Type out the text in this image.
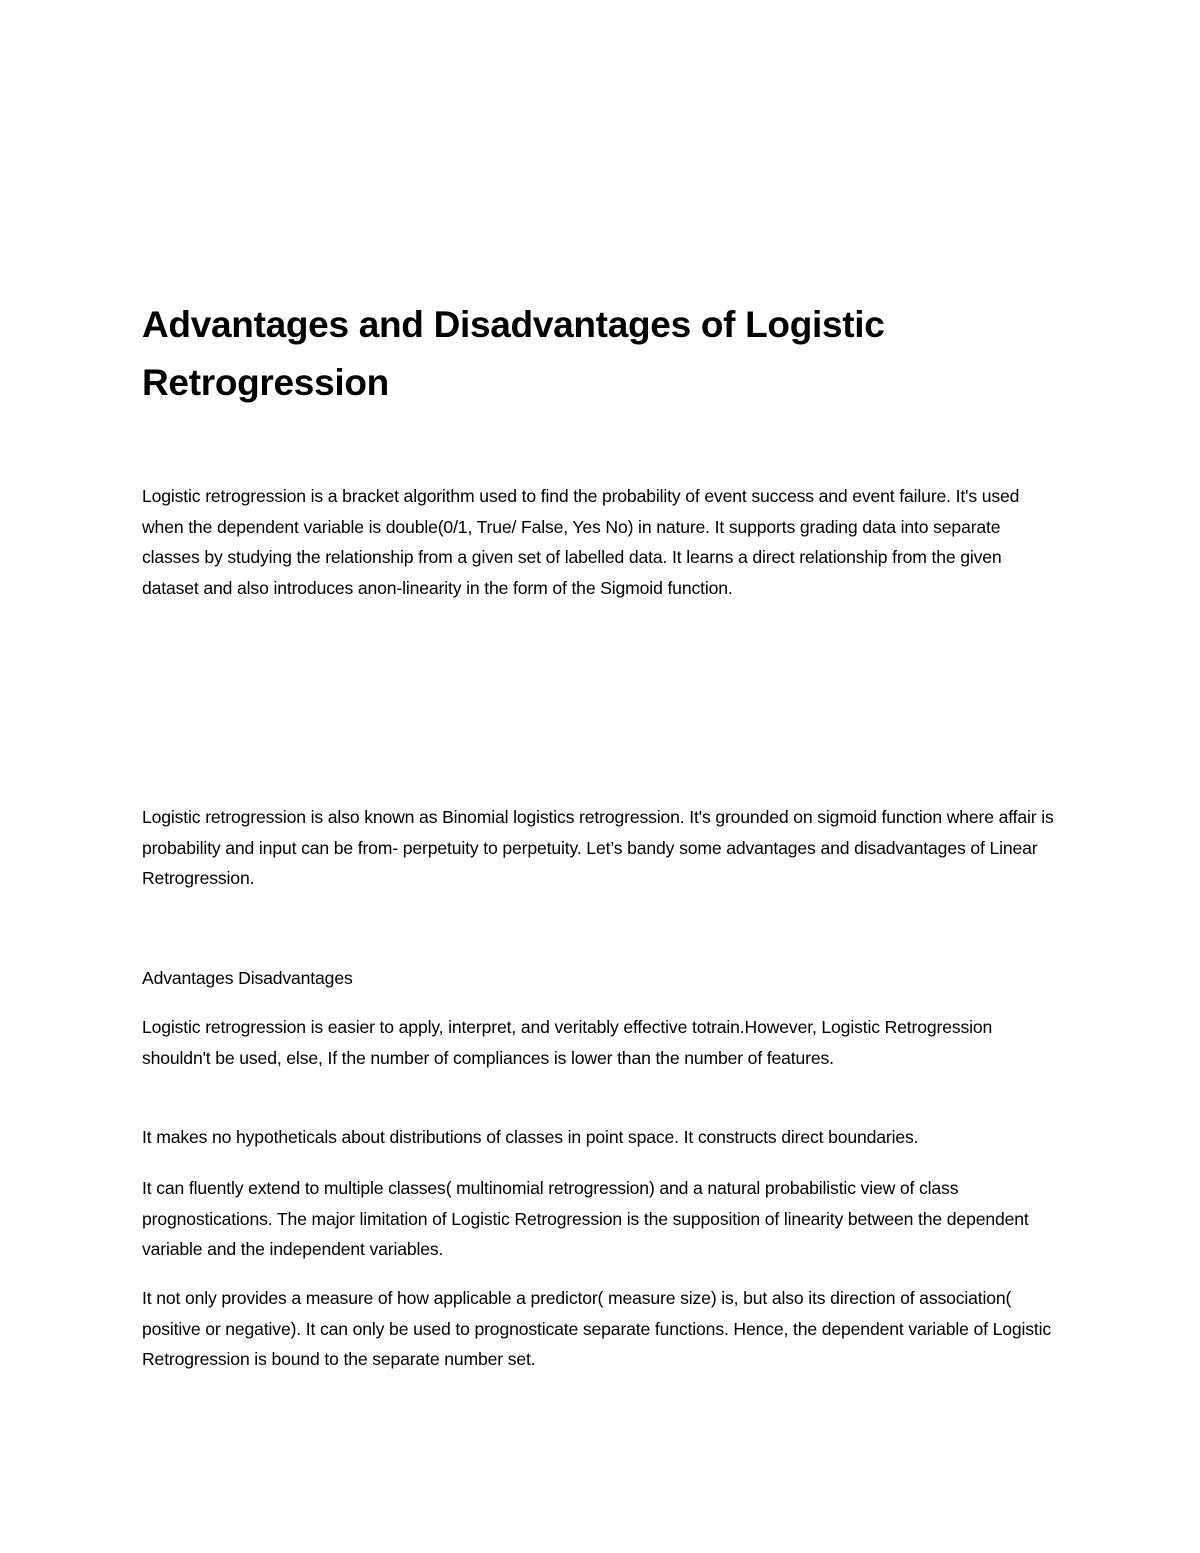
Advantages and Disadvantages of Logistic Retrogression

Logistic retrogression is a bracket algorithm used to find the probability of event success and event failure. It's used when the dependent variable is double(0/1, True/ False, Yes No) in nature. It supports grading data into separate classes by studying the relationship from a given set of labelled data. It learns a direct relationship from the given dataset and also introduces anon-linearity in the form of the Sigmoid function.

Logistic retrogression is also known as Binomial logistics retrogression. It's grounded on sigmoid function where affair is probability and input can be from- perpetuity to perpetuity. Let’s bandy some advantages and disadvantages of Linear Retrogression.

Advantages Disadvantages

Logistic retrogression is easier to apply, interpret, and veritably effective totrain.However, Logistic Retrogression shouldn't be used, else, If the number of compliances is lower than the number of features.

It makes no hypotheticals about distributions of classes in point space. It constructs direct boundaries.

It can fluently extend to multiple classes( multinomial retrogression) and a natural probabilistic view of class prognostications. The major limitation of Logistic Retrogression is the supposition of linearity between the dependent variable and the independent variables.

It not only provides a measure of how applicable a predictor( measure size) is, but also its direction of association( positive or negative). It can only be used to prognosticate separate functions. Hence, the dependent variable of Logistic Retrogression is bound to the separate number set.
